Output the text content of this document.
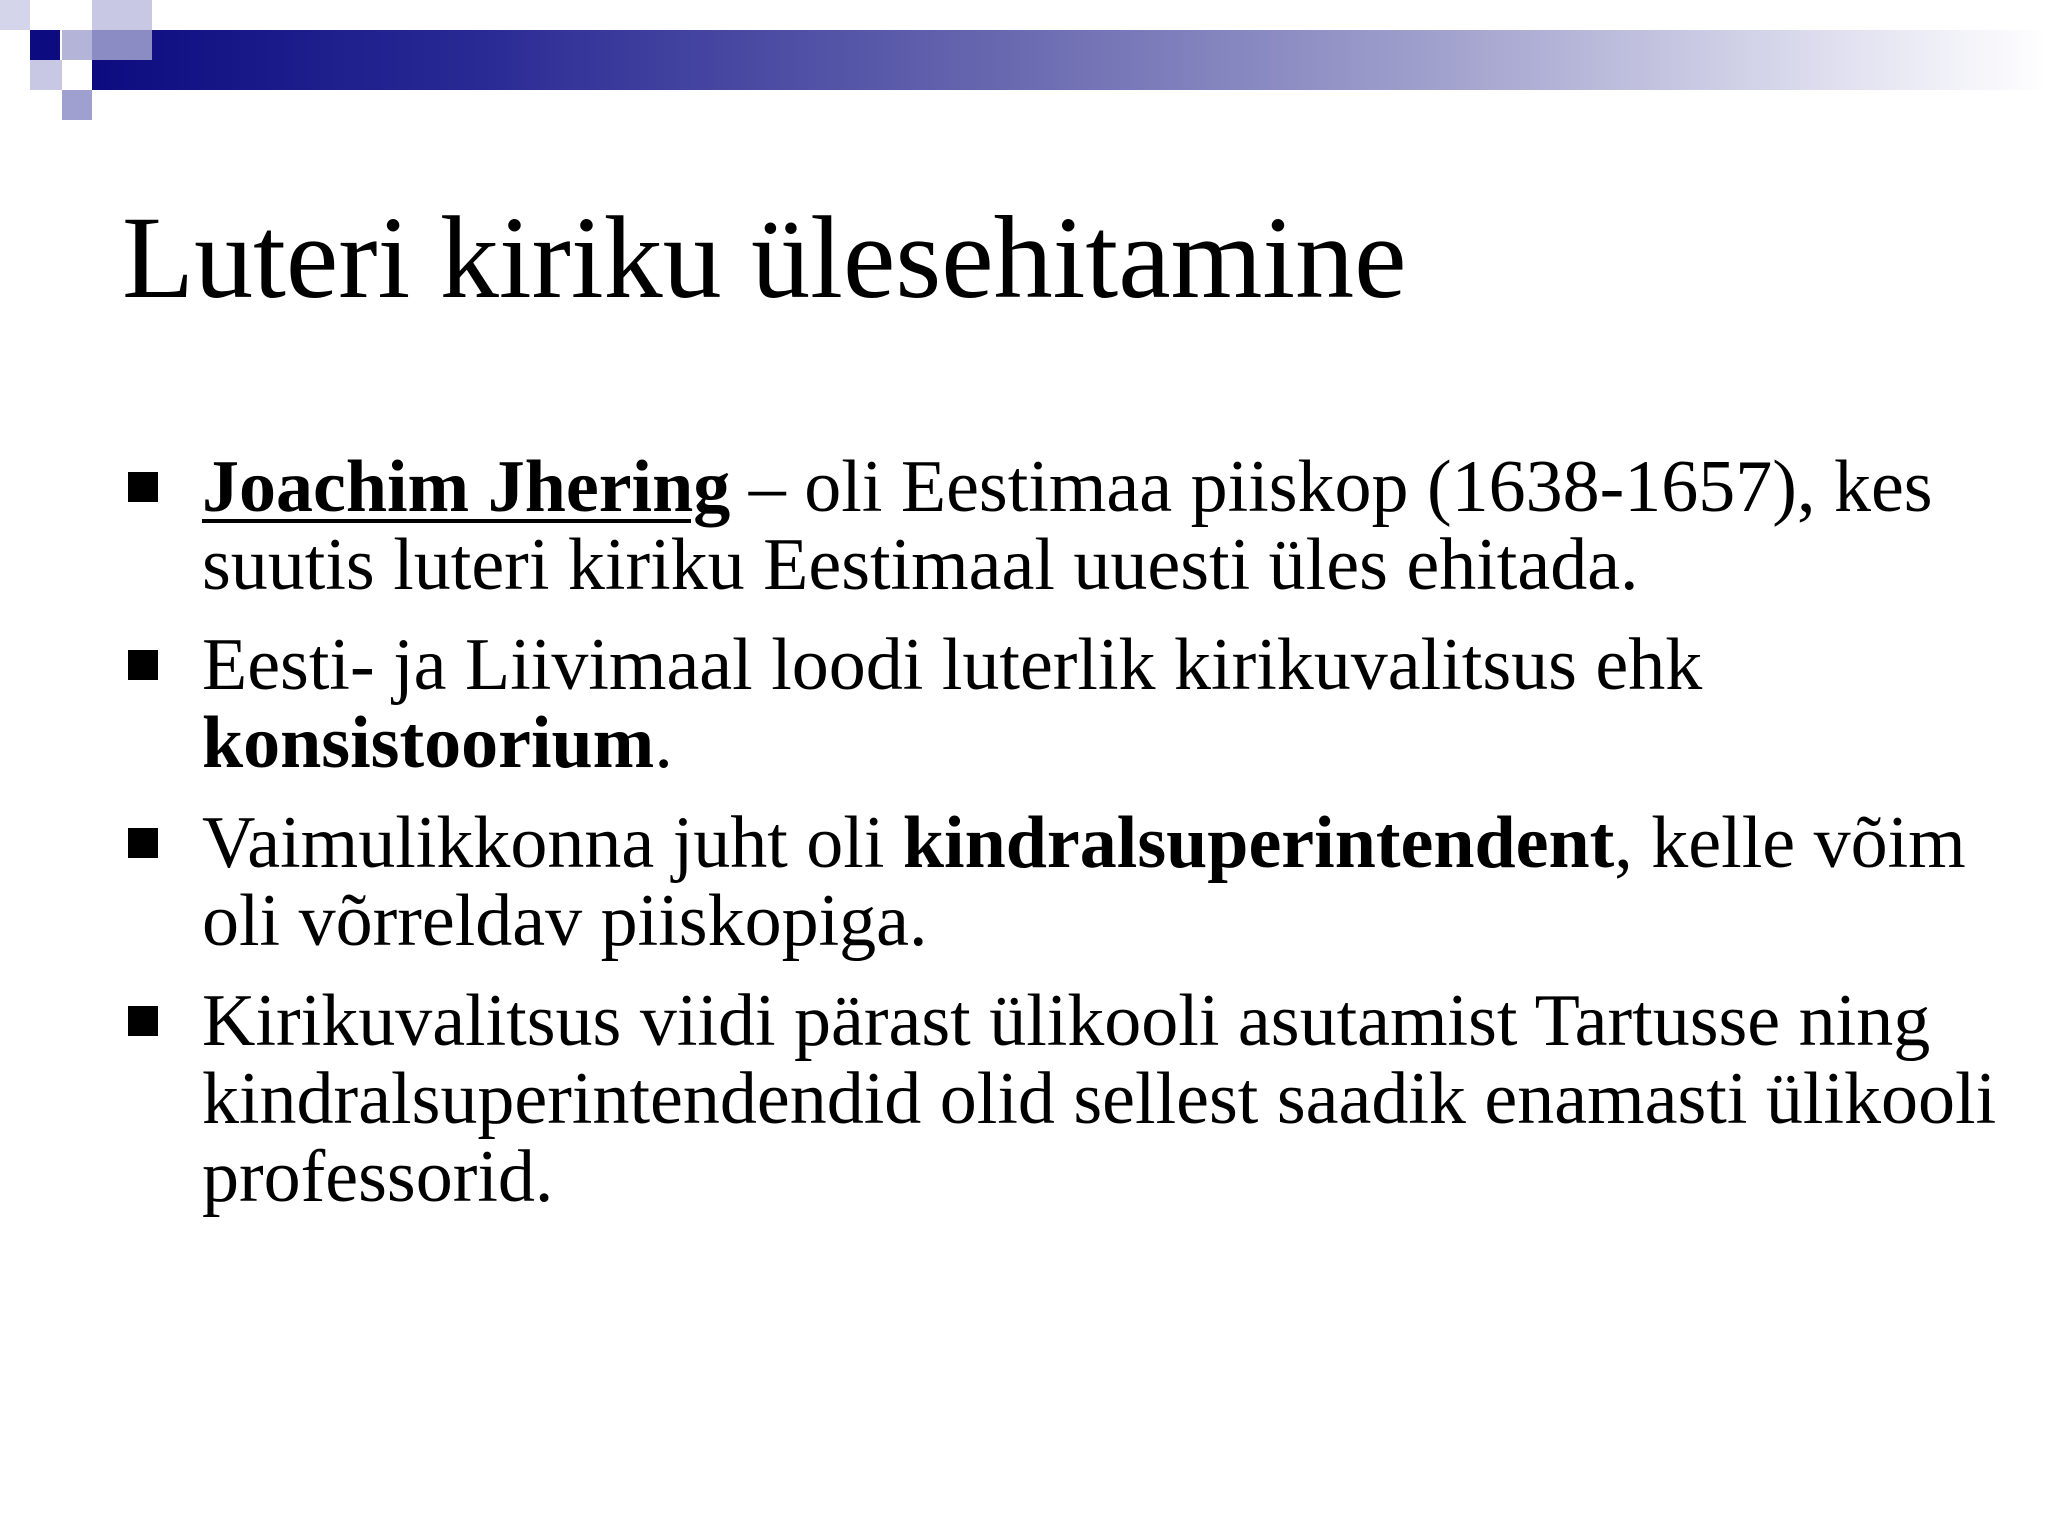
Luteri kiriku ülesehitamine
Joachim Jhering – oli Eestimaa piiskop (1638-1657), kes suutis luteri kiriku Eestimaal uuesti üles ehitada.
Eesti- ja Liivimaal loodi luterlik kirikuvalitsus ehk konsistoorium.
Vaimulikkonna juht oli kindralsuperintendent, kelle võim oli võrreldav piiskopiga.
Kirikuvalitsus viidi pärast ülikooli asutamist Tartusse ning kindralsuperintendendid olid sellest saadik enamasti ülikooli professorid.
